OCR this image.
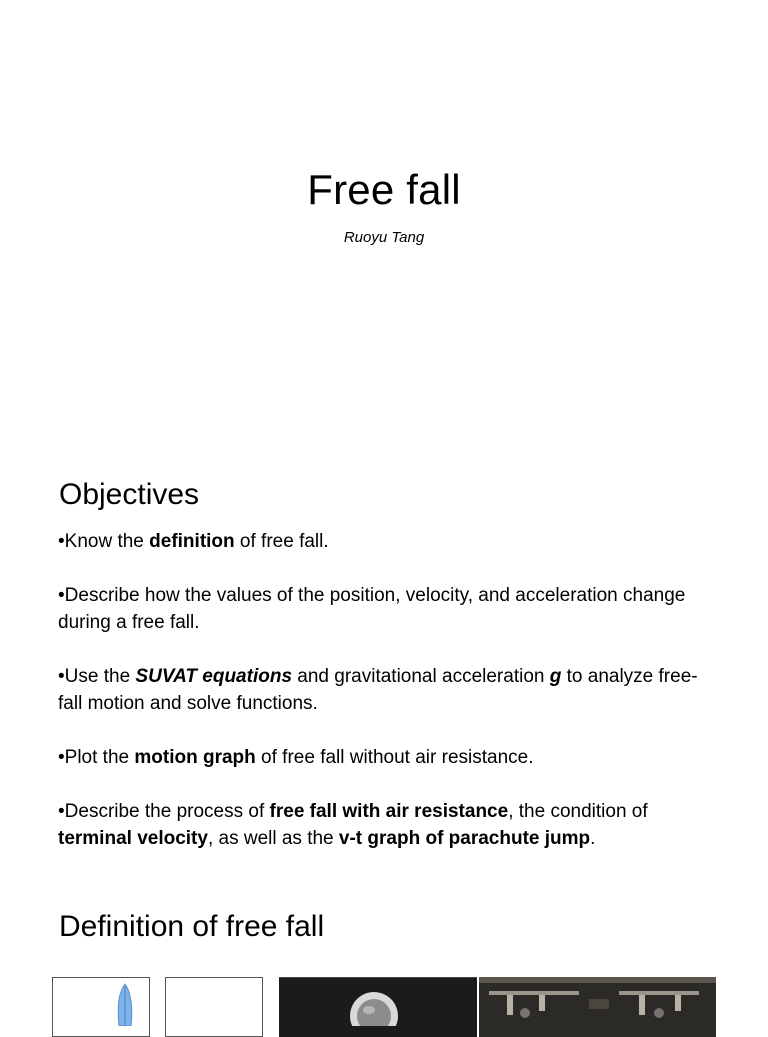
Free fall
Ruoyu Tang
Objectives
•Know the definition of free fall.
•Describe how the values of the position, velocity, and acceleration change during a free fall.
•Use the SUVAT equations and gravitational acceleration g to analyze free-fall motion and solve functions.
•Plot the motion graph of free fall without air resistance.
•Describe the process of free fall with air resistance, the condition of terminal velocity, as well as the v-t graph of parachute jump.
Definition of free fall
